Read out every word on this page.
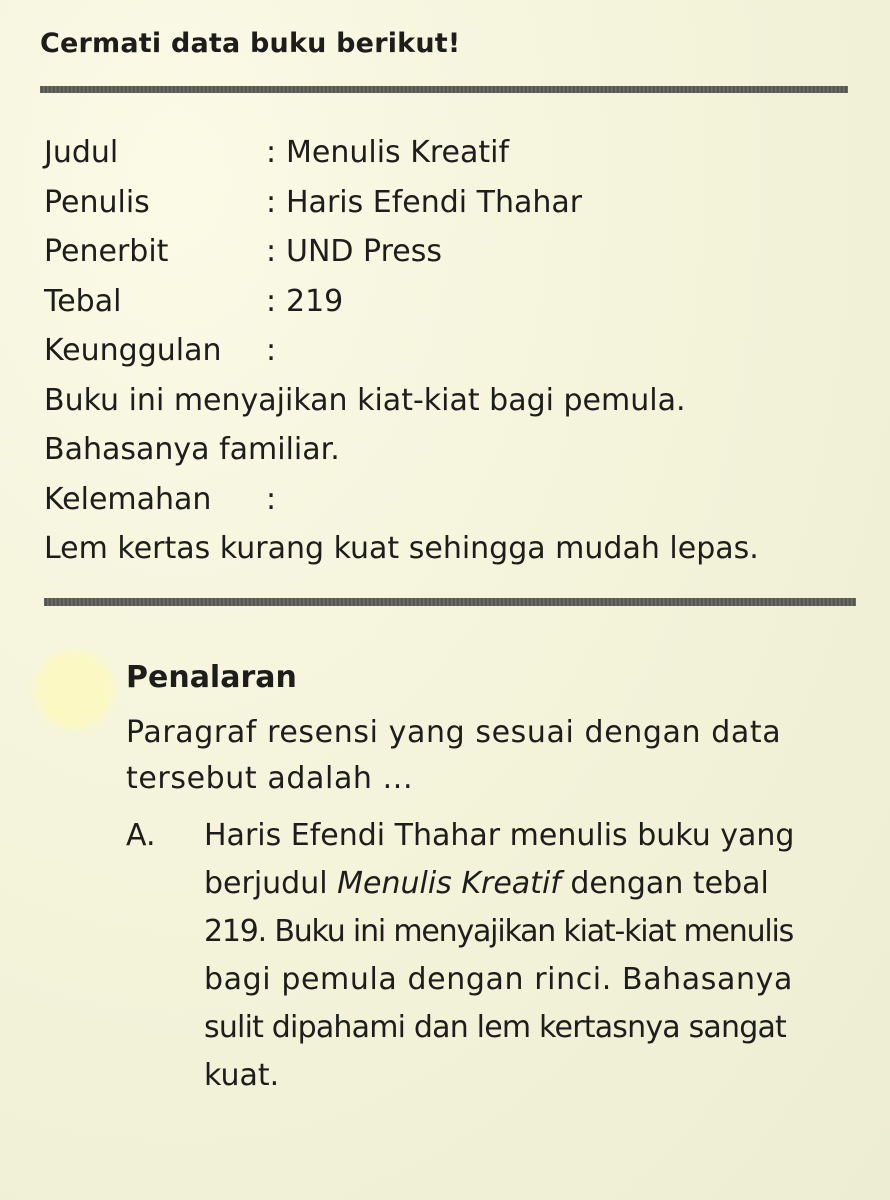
Cermati data buku berikut!
Judul	: Menulis Kreatif
Penulis	: Haris Efendi Thahar
Penerbit	: UND Press
Tebal	: 219
Keunggulan	:
Buku ini menyajikan kiat-kiat bagi pemula.
Bahasanya familiar.
Kelemahan	:
Lem kertas kurang kuat sehingga mudah lepas.
Penalaran
Paragraf resensi yang sesuai dengan data
tersebut adalah ...
A. Haris Efendi Thahar menulis buku yang
berjudul Menulis Kreatif dengan tebal
219. Buku ini menyajikan kiat-kiat menulis
bagi pemula dengan rinci. Bahasanya
sulit dipahami dan lem kertasnya sangat
kuat.
